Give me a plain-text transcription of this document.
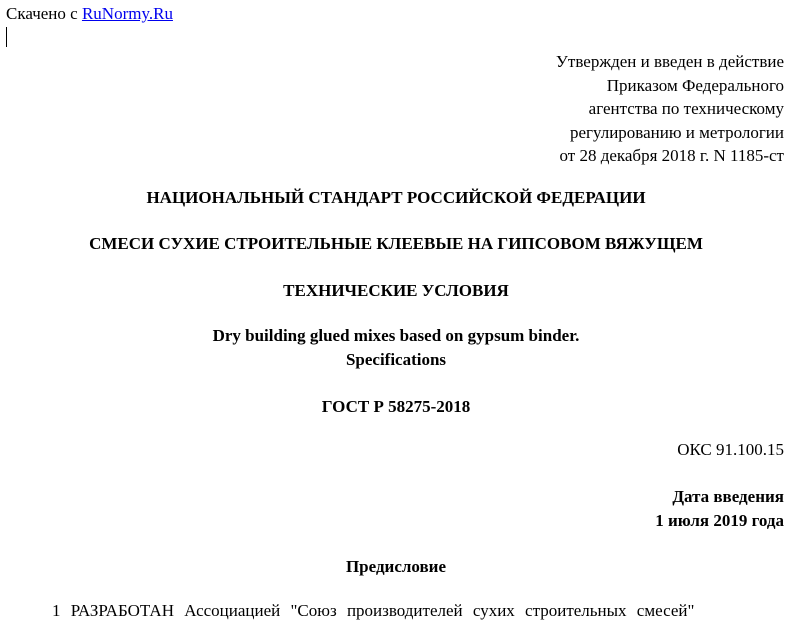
Скачено с RuNormy.Ru
Утвержден и введен в действие
Приказом Федерального
агентства по техническому
регулированию и метрологии
от 28 декабря 2018 г. N 1185-ст
НАЦИОНАЛЬНЫЙ СТАНДАРТ РОССИЙСКОЙ ФЕДЕРАЦИИ
СМЕСИ СУХИЕ СТРОИТЕЛЬНЫЕ КЛЕЕВЫЕ НА ГИПСОВОМ ВЯЖУЩЕМ
ТЕХНИЧЕСКИЕ УСЛОВИЯ
Dry building glued mixes based on gypsum binder.
Specifications
ГОСТ Р 58275-2018
ОКС 91.100.15
Дата введения
1 июля 2019 года
Предисловие
1 РАЗРАБОТАН Ассоциацией "Союз производителей сухих строительных смесей"
